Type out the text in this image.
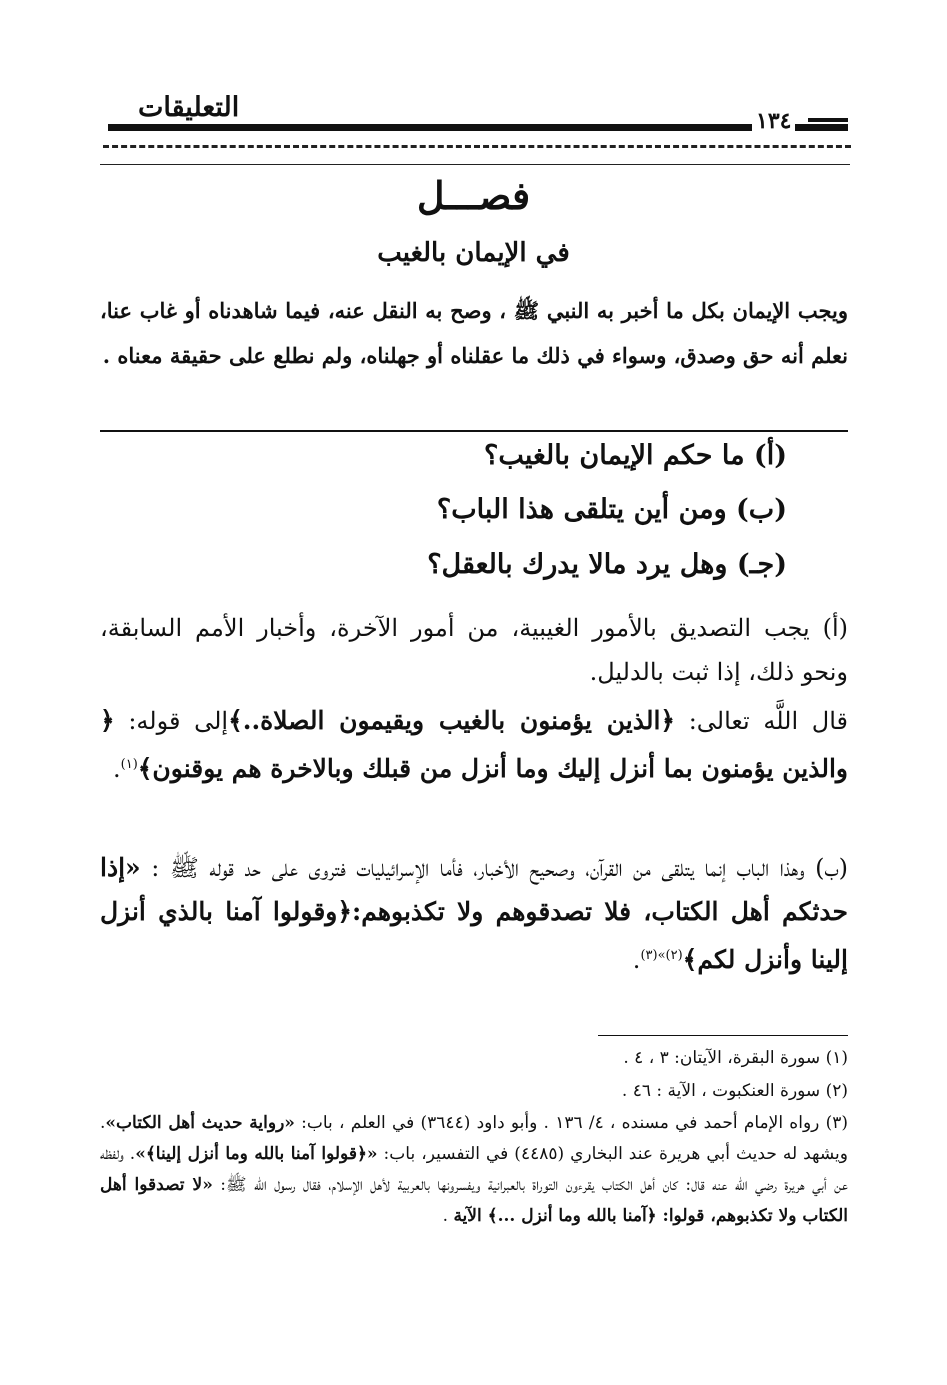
١٣٤
التعليقات
فصـــل
في الإيمان بالغيب
ويجب الإيمان بكل ما أخبر به النبي ﷺ ، وصح به النقل عنه، فيما شاهدناه أو غاب عنا، نعلم أنه حق وصدق، وسواء في ذلك ما عقلناه أو جهلناه، ولم نطلع على حقيقة معناه .
(أ) ما حكم الإيمان بالغيب؟
(ب) ومن أين يتلقى هذا الباب؟
(جـ) وهل يرد مالا يدرك بالعقل؟
(أ) يجب التصديق بالأمور الغيبية، من أمور الآخرة، وأخبار الأمم السابقة، ونحو ذلك، إذا ثبت بالدليل.
قال اللَّه تعالى: ﴿الذين يؤمنون بالغيب ويقيمون الصلاة..﴾إلى قوله: ﴿ والذين يؤمنون بما أنزل إليك وما أنزل من قبلك وبالاخرة هم يوقنون﴾$^{(١)}$.
(ب) وهذا الباب إنما يتلقى من القرآن، وصحيح الأخبار، فأما الإسرائيليات فتروى على حد قوله ﷺ : «إذا حدثكم أهل الكتاب، فلا تصدقوهم ولا تكذبوهم:﴿وقولوا آمنا بالذي أنزل إلينا وأنزل لكم﴾$^{(٢)»(٣)}$.
(١) سورة البقرة، الآيتان: ٣ ، ٤ .
(٢) سورة العنكبوت ، الآية : ٤٦ .
(٣) رواه الإمام أحمد في مسنده ، ٤/ ١٣٦ . وأبو داود (٣٦٤٤) في العلم ، باب: «رواية حديث أهل الكتاب». ويشهد له حديث أبي هريرة عند البخاري (٤٤٨٥) في التفسير، باب: «﴿قولوا آمنا بالله وما أنزل إلينا﴾». ولفظه عن أبي هريرة رضي الله عنه قال: كان أهل الكتاب يقرءون التوراة بالعبرانية ويفسرونها بالعربية لأهل الإسلام، فقال رسول الله ﷺ: «لا تصدقوا أهل الكتاب ولا تكذبوهم، قولوا: ﴿آمنا بالله وما أنزل ...﴾ الآية .
